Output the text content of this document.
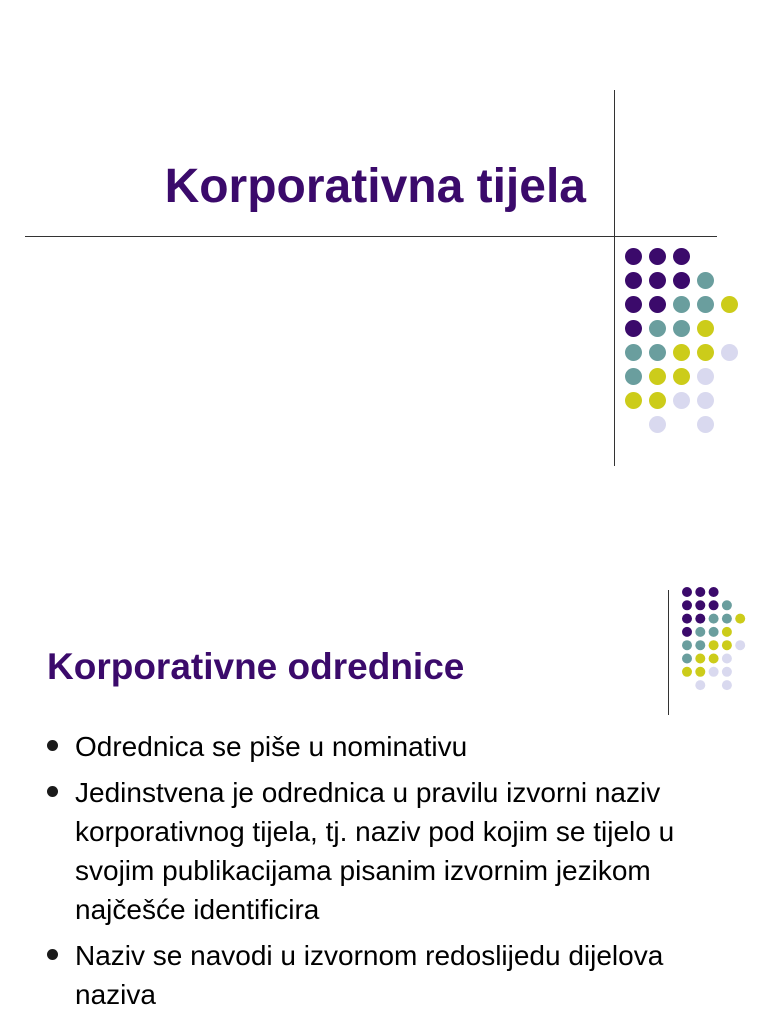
Korporativna tijela
Korporativne odrednice
Odrednica se piše u nominativu
Jedinstvena je odrednica u pravilu izvorni naziv korporativnog tijela, tj. naziv pod kojim se tijelo u svojim publikacijama pisanim izvornim jezikom najčešće identificira
Naziv se navodi u izvornom redoslijedu dijelova naziva
